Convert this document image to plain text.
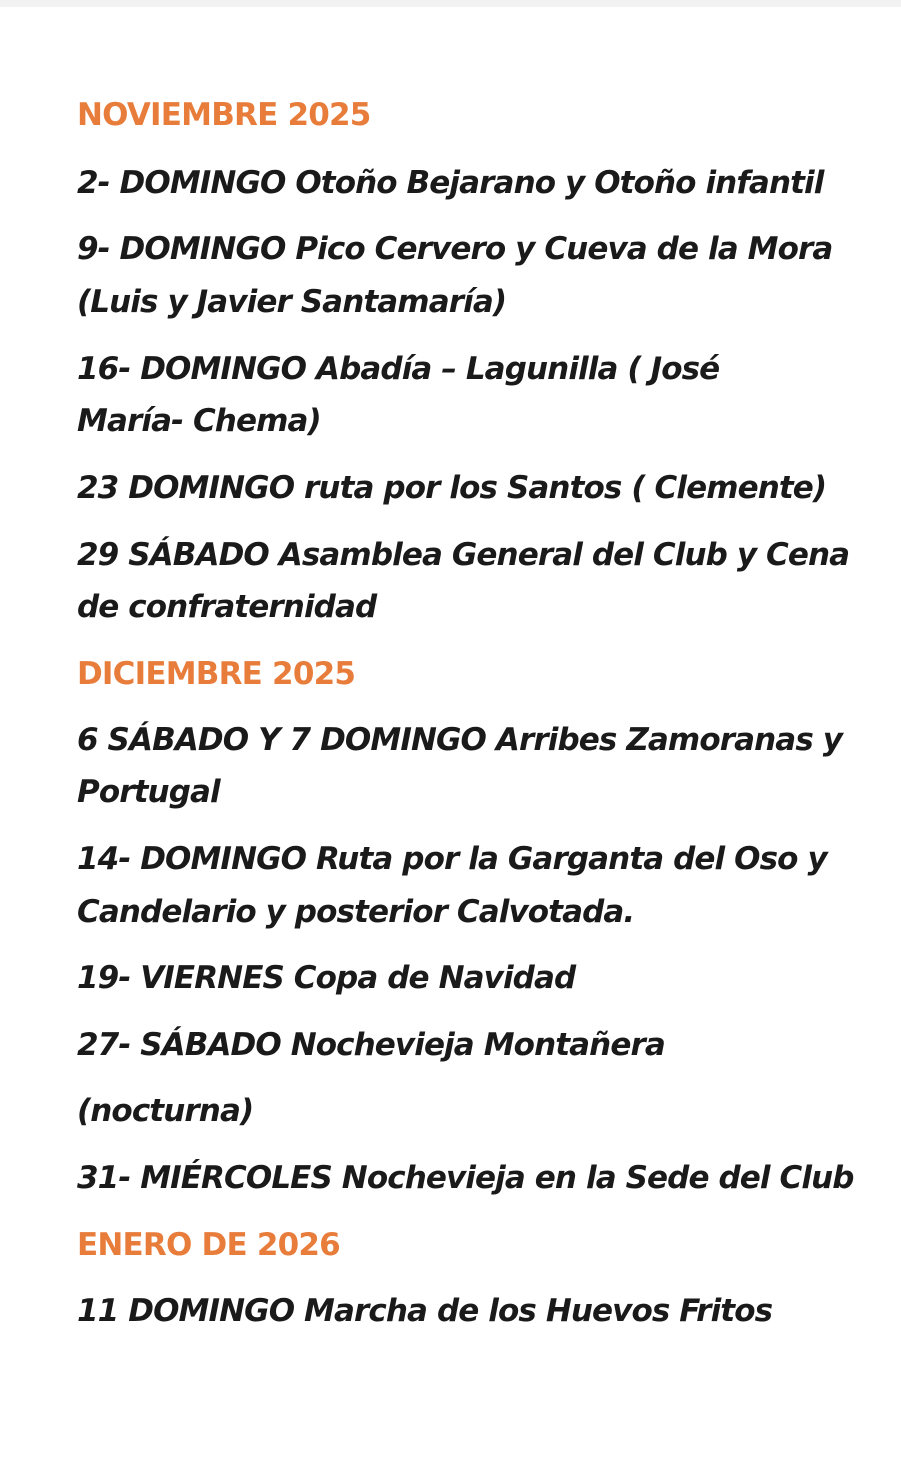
NOVIEMBRE 2025

2- DOMINGO Otoño Bejarano y Otoño infantil

9- DOMINGO Pico Cervero y Cueva de la Mora

(Luis y Javier Santamaría)

16- DOMINGO Abadía – Lagunilla ( José

María- Chema)

23 DOMINGO ruta por los Santos ( Clemente)

29 SÁBADO Asamblea General del Club y Cena

de confraternidad

DICIEMBRE 2025

6 SÁBADO Y 7 DOMINGO Arribes Zamoranas y

Portugal

14- DOMINGO Ruta por la Garganta del Oso y

Candelario y posterior Calvotada.

19- VIERNES Copa de Navidad

27- SÁBADO Nochevieja Montañera

(nocturna)

31- MIÉRCOLES Nochevieja en la Sede del Club

ENERO DE 2026

11 DOMINGO Marcha de los Huevos Fritos
